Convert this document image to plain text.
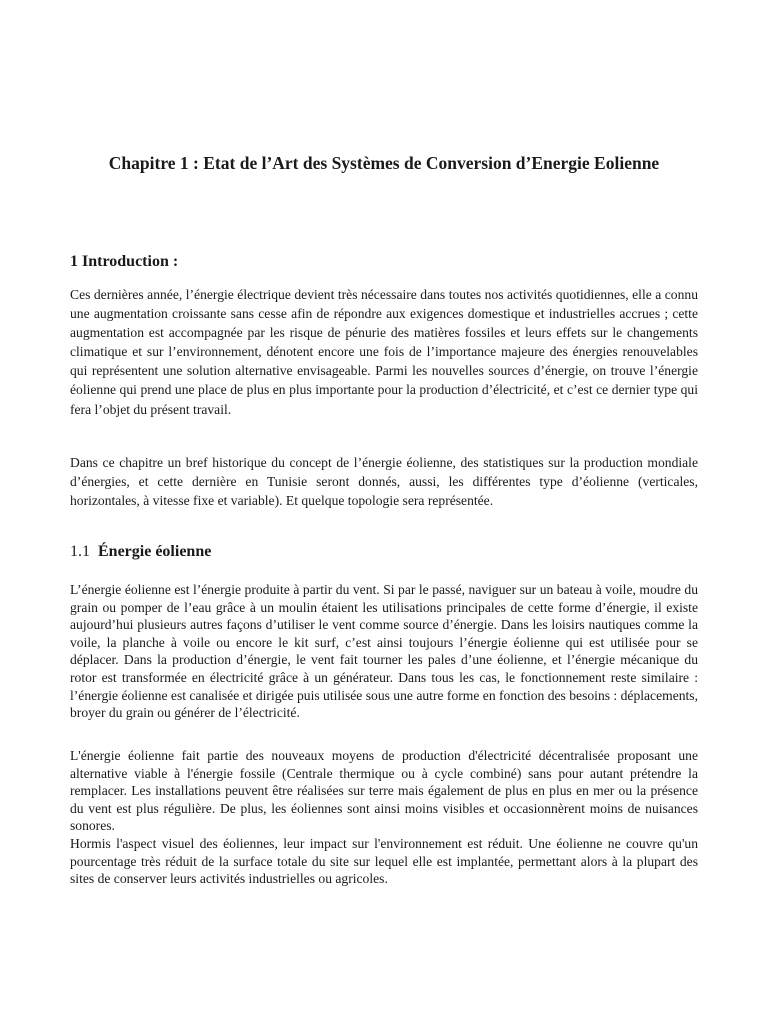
Chapitre 1 : Etat de l’Art des Systèmes de Conversion d’Energie Eolienne
1 Introduction :

Ces dernières année, l’énergie électrique devient très nécessaire dans toutes nos activités quotidiennes, elle a connu une augmentation croissante sans cesse afin de répondre aux exigences domestique et industrielles accrues ; cette augmentation est accompagnée par les risque de pénurie des matières fossiles et leurs effets sur le changements climatique et sur l’environnement, dénotent encore une fois de l’importance majeure des énergies renouvelables qui représentent une solution alternative envisageable. Parmi les nouvelles sources d’énergie, on trouve l’énergie éolienne qui prend une place de plus en plus importante pour la production d’électricité, et c’est ce dernier type qui fera l’objet du présent travail.

Dans ce chapitre un bref historique du concept de l’énergie éolienne, des statistiques sur la production mondiale d’énergies, et cette dernière en Tunisie seront donnés, aussi, les différentes type d’éolienne (verticales, horizontales, à vitesse fixe et variable). Et quelque topologie sera représentée.

1.1 Énergie éolienne

L’énergie éolienne est l’énergie produite à partir du vent. Si par le passé, naviguer sur un bateau à voile, moudre du grain ou pomper de l’eau grâce à un moulin étaient les utilisations principales de cette forme d’énergie, il existe aujourd’hui plusieurs autres façons d’utiliser le vent comme source d’énergie. Dans les loisirs nautiques comme la voile, la planche à voile ou encore le kit surf, c’est ainsi toujours l’énergie éolienne qui est utilisée pour se déplacer. Dans la production d’énergie, le vent fait tourner les pales d’une éolienne, et l’énergie mécanique du rotor est transformée en électricité grâce à un générateur. Dans tous les cas, le fonctionnement reste similaire : l’énergie éolienne est canalisée et dirigée puis utilisée sous une autre forme en fonction des besoins : déplacements, broyer du grain ou générer de l’électricité.

L'énergie éolienne fait partie des nouveaux moyens de production d'électricité décentralisée proposant une alternative viable à l'énergie fossile (Centrale thermique ou à cycle combiné) sans pour autant prétendre la remplacer. Les installations peuvent être réalisées sur terre mais également de plus en plus en mer ou la présence du vent est plus régulière. De plus, les éoliennes sont ainsi moins visibles et occasionnèrent moins de nuisances sonores.
Hormis l'aspect visuel des éoliennes, leur impact sur l'environnement est réduit. Une éolienne ne couvre qu'un pourcentage très réduit de la surface totale du site sur lequel elle est implantée, permettant alors à la plupart des sites de conserver leurs activités industrielles ou agricoles.
